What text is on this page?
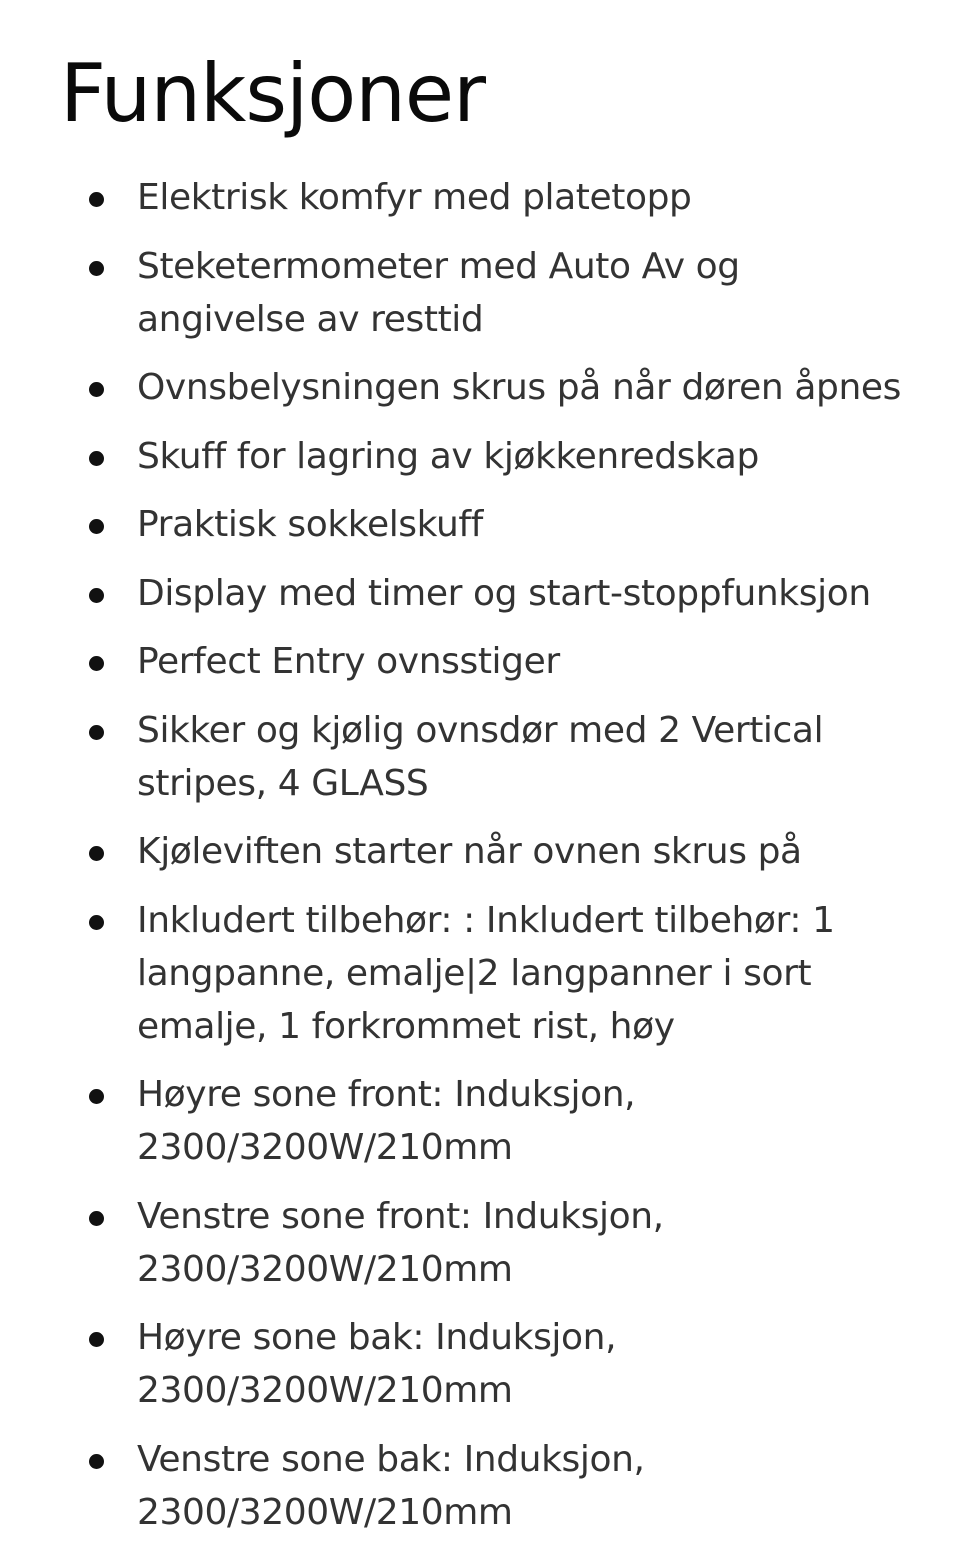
Funksjoner
Elektrisk komfyr med platetopp
Steketermometer med Auto Av og angivelse av resttid
Ovnsbelysningen skrus på når døren åpnes
Skuff for lagring av kjøkkenredskap
Praktisk sokkelskuff
Display med timer og start-stoppfunksjon
Perfect Entry ovnsstiger
Sikker og kjølig ovnsdør med 2 Vertical stripes, 4 GLASS
Kjøleviften starter når ovnen skrus på
Inkludert tilbehør: : Inkludert tilbehør: 1 langpanne, emalje|2 langpanner i sort emalje, 1 forkrommet rist, høy
Høyre sone front: Induksjon, 2300/3200W/210mm
Venstre sone front: Induksjon, 2300/3200W/210mm
Høyre sone bak: Induksjon, 2300/3200W/210mm
Venstre sone bak: Induksjon, 2300/3200W/210mm
